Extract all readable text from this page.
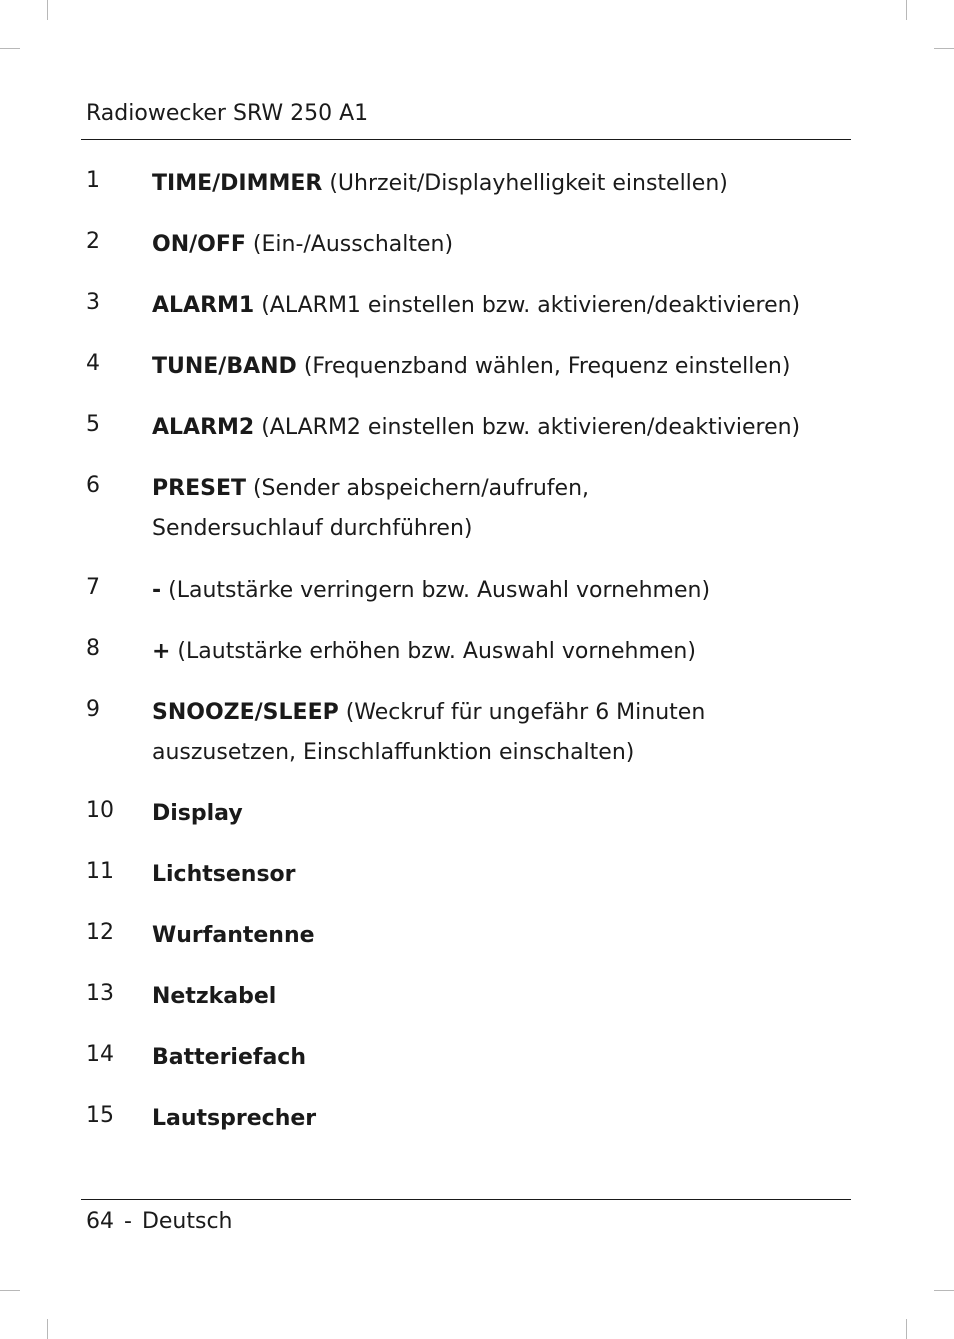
Radiowecker SRW 250 A1
1 TIME/DIMMER (Uhrzeit/Displayhelligkeit einstellen)
2 ON/OFF (Ein-/Ausschalten)
3 ALARM1 (ALARM1 einstellen bzw. aktivieren/deaktivieren)
4 TUNE/BAND (Frequenzband wählen, Frequenz einstellen)
5 ALARM2 (ALARM2 einstellen bzw. aktivieren/deaktivieren)
6 PRESET (Sender abspeichern/aufrufen, Sendersuchlauf durchführen)
7 - (Lautstärke verringern bzw. Auswahl vornehmen)
8 + (Lautstärke erhöhen bzw. Auswahl vornehmen)
9 SNOOZE/SLEEP (Weckruf für ungefähr 6 Minuten auszusetzen, Einschlaffunktion einschalten)
10 Display
11 Lichtsensor
12 Wurfantenne
13 Netzkabel
14 Batteriefach
15 Lautsprecher
64 - Deutsch
